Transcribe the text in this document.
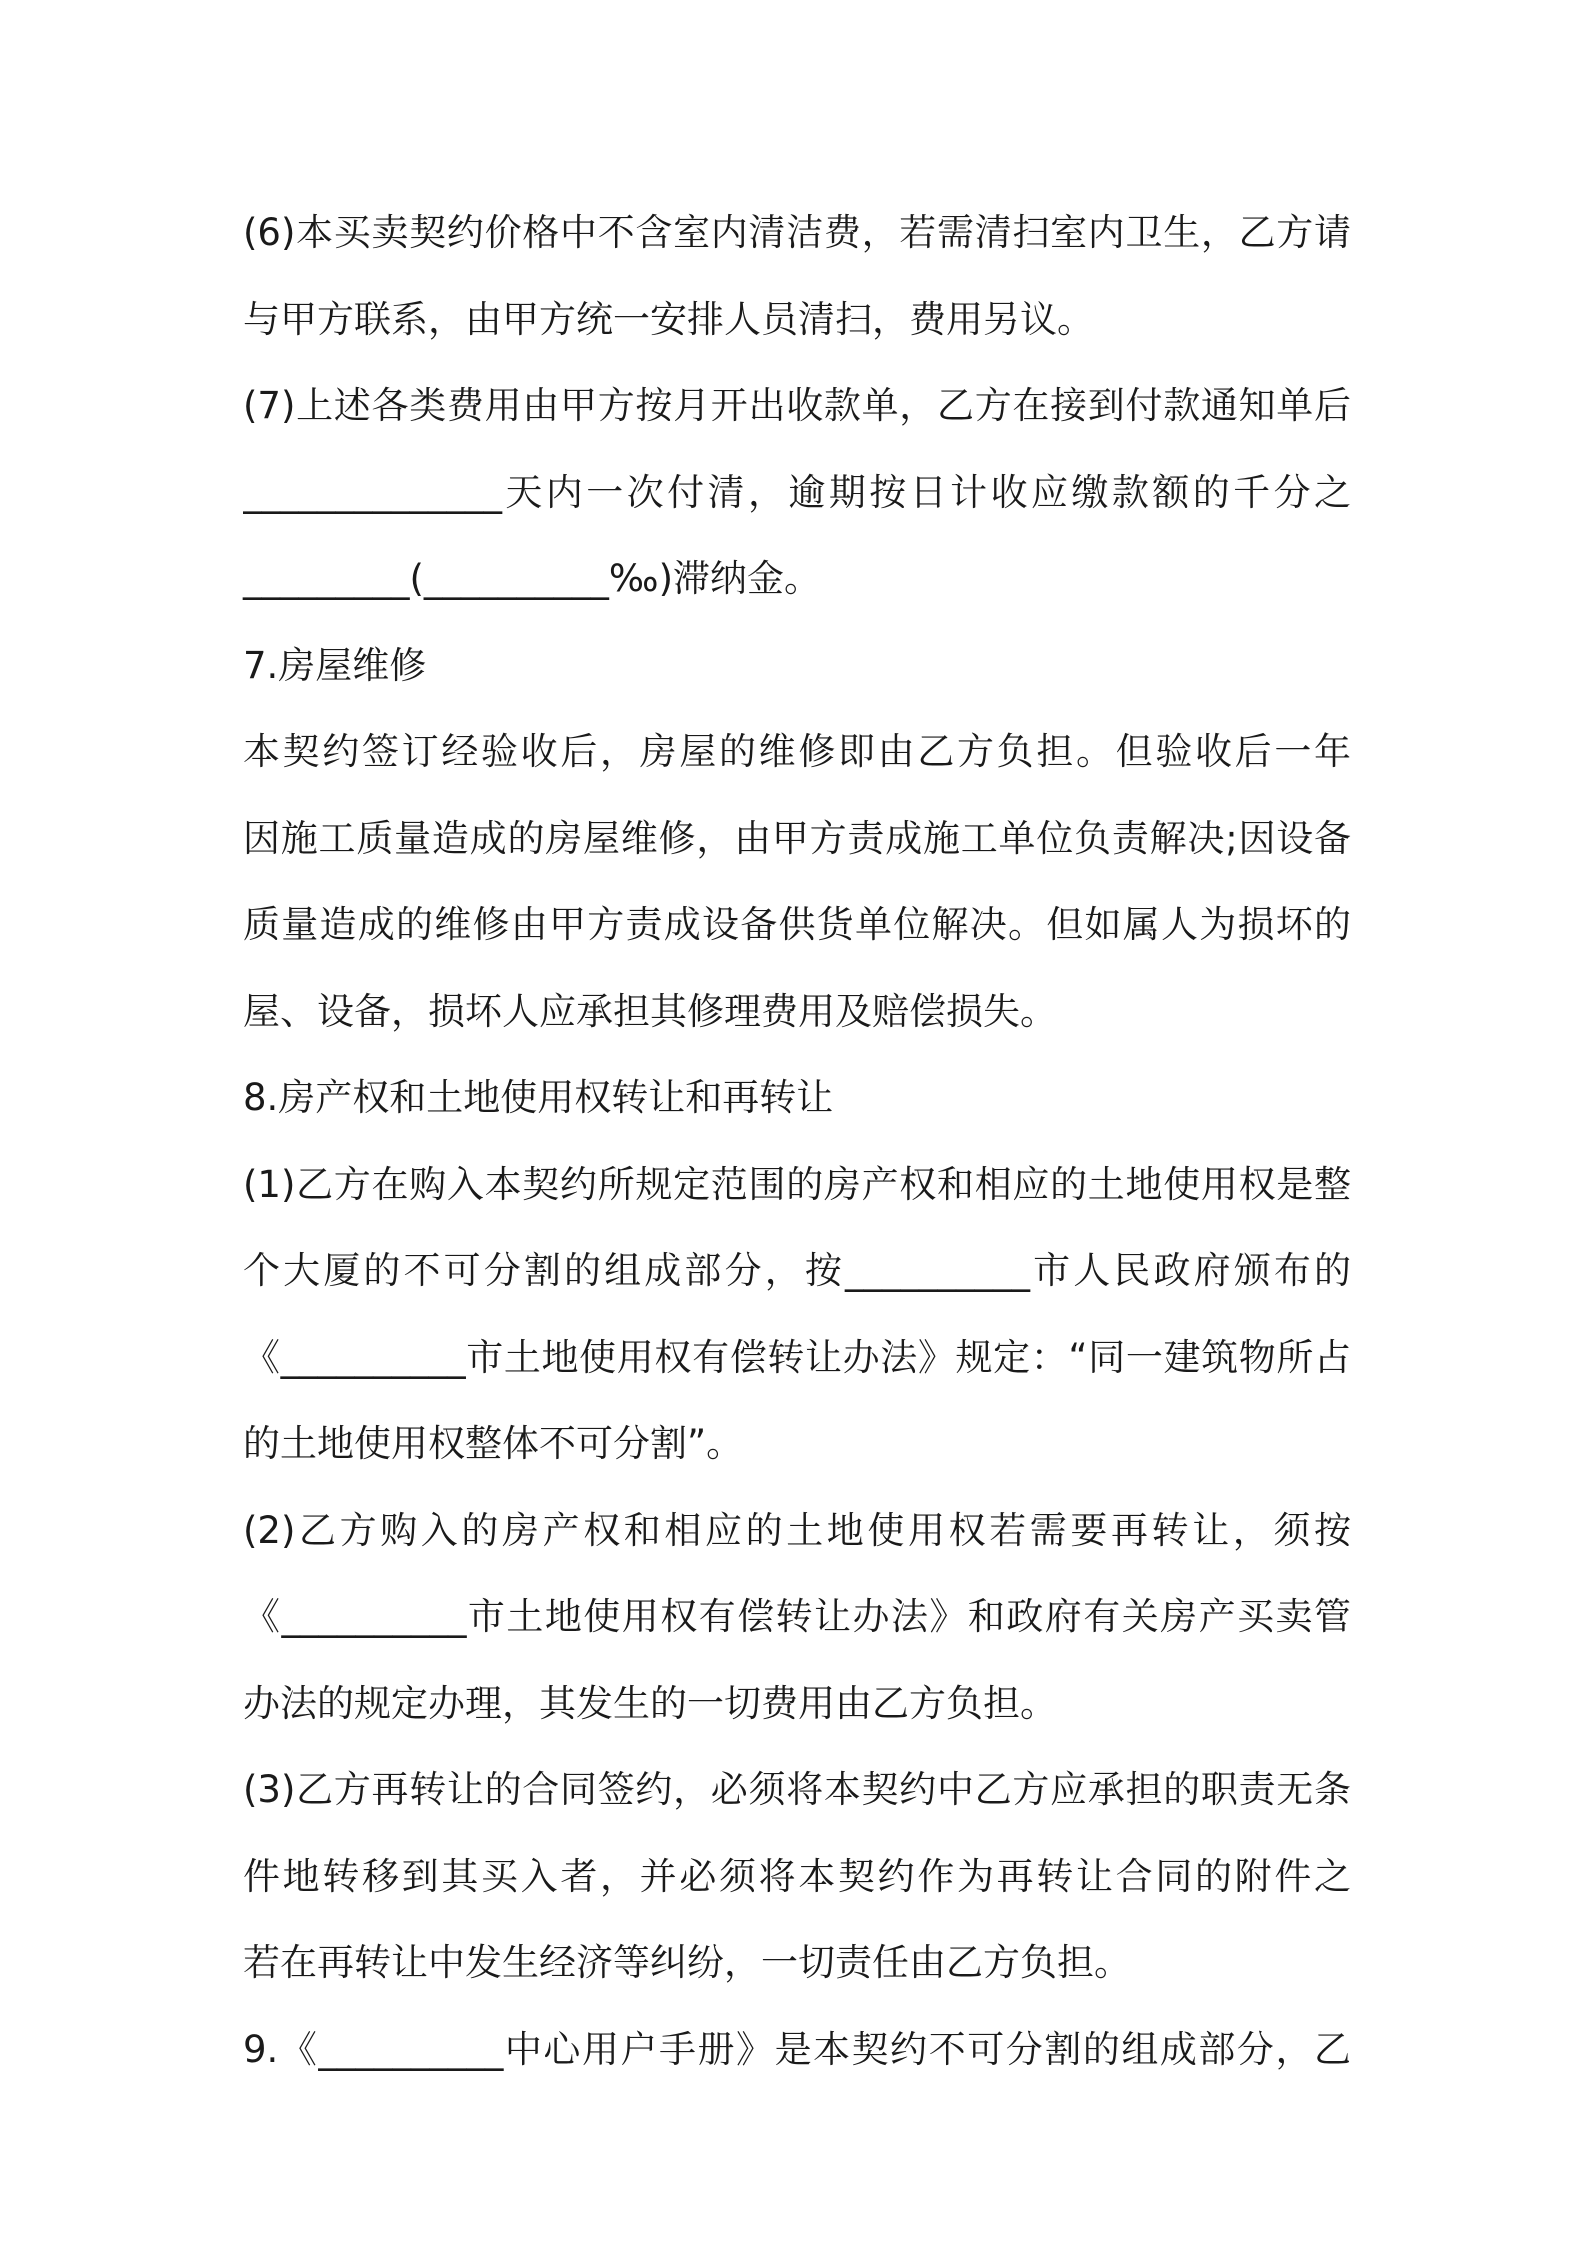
(6)本买卖契约价格中不含室内清洁费，若需清扫室内卫生，乙方请
与甲方联系，由甲方统一安排人员清扫，费用另议。
(7)上述各类费用由甲方按月开出收款单，乙方在接到付款通知单后
______________天内一次付清，逾期按日计收应缴款额的千分之
_________(__________‰)滞纳金。
7.房屋维修
本契约签订经验收后，房屋的维修即由乙方负担。但验收后一年
因施工质量造成的房屋维修，由甲方责成施工单位负责解决;因设备
质量造成的维修由甲方责成设备供货单位解决。但如属人为损坏的
屋、设备，损坏人应承担其修理费用及赔偿损失。
8.房产权和土地使用权转让和再转让
(1)乙方在购入本契约所规定范围的房产权和相应的土地使用权是整
个大厦的不可分割的组成部分，按__________市人民政府颁布的
《__________市土地使用权有偿转让办法》规定：“同一建筑物所占
的土地使用权整体不可分割”。
(2)乙方购入的房产权和相应的土地使用权若需要再转让，须按
《__________市土地使用权有偿转让办法》和政府有关房产买卖管
办法的规定办理，其发生的一切费用由乙方负担。
(3)乙方再转让的合同签约，必须将本契约中乙方应承担的职责无条
件地转移到其买入者，并必须将本契约作为再转让合同的附件之
若在再转让中发生经济等纠纷，一切责任由乙方负担。
9.《__________中心用户手册》是本契约不可分割的组成部分，乙
